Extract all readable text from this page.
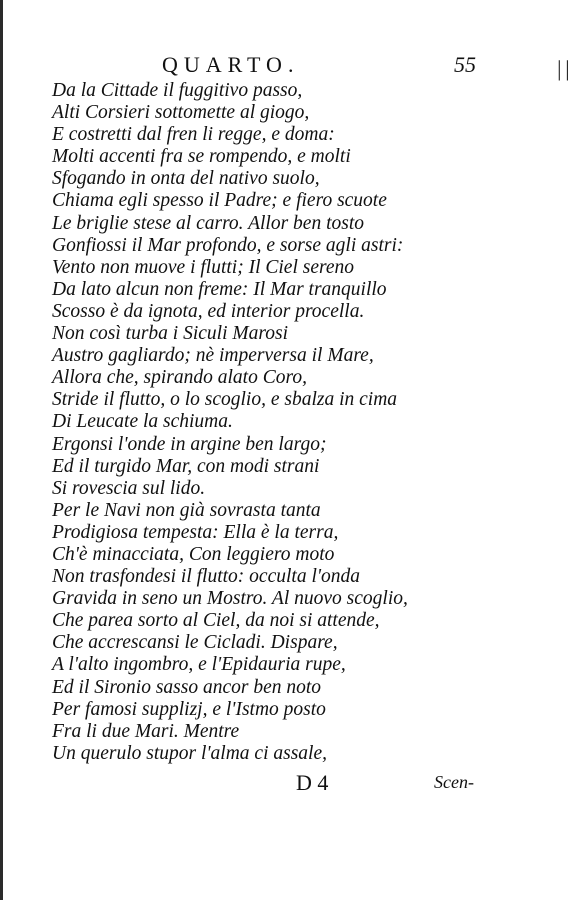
||
QUARTO.	55
Da la Cittade il fuggitivo passo,
Alti Corsieri sottomette al giogo,
E costretti dal fren li regge, e doma:
Molti accenti fra se rompendo, e molti
Sfogando in onta del nativo suolo,
Chiama egli spesso il Padre; e fiero scuote
Le briglie stese al carro. Allor ben tosto
Gonfiossi il Mar profondo, e sorse agli astri:
Vento non muove i flutti; Il Ciel sereno
Da lato alcun non freme: Il Mar tranquillo
Scosso è da ignota, ed interior procella.
Non così turba i Siculi Marosi
Austro gagliardo; nè imperversa il Mare,
Allora che, spirando alato Coro,
Stride il flutto, o lo scoglio, e sbalza in cima
Di Leucate la schiuma.
Ergonsi l'onde in argine ben largo;
Ed il turgido Mar, con modi strani
Si rovescia sul lido.
Per le Navi non già sovrasta tanta
Prodigiosa tempesta: Ella è la terra,
Ch'è minacciata, Con leggiero moto
Non trasfondesi il flutto: occulta l'onda
Gravida in seno un Mostro. Al nuovo scoglio,
Che parea sorto al Ciel, da noi si attende,
Che accrescansi le Cicladi. Dispare,
A l'alto ingombro, e l'Epidauria rupe,
Ed il Sironio sasso ancor ben noto
Per famosi supplizj, e l'Istmo posto
Fra li due Mari. Mentre
Un querulo stupor l'alma ci assale,
D 4	Scen-
